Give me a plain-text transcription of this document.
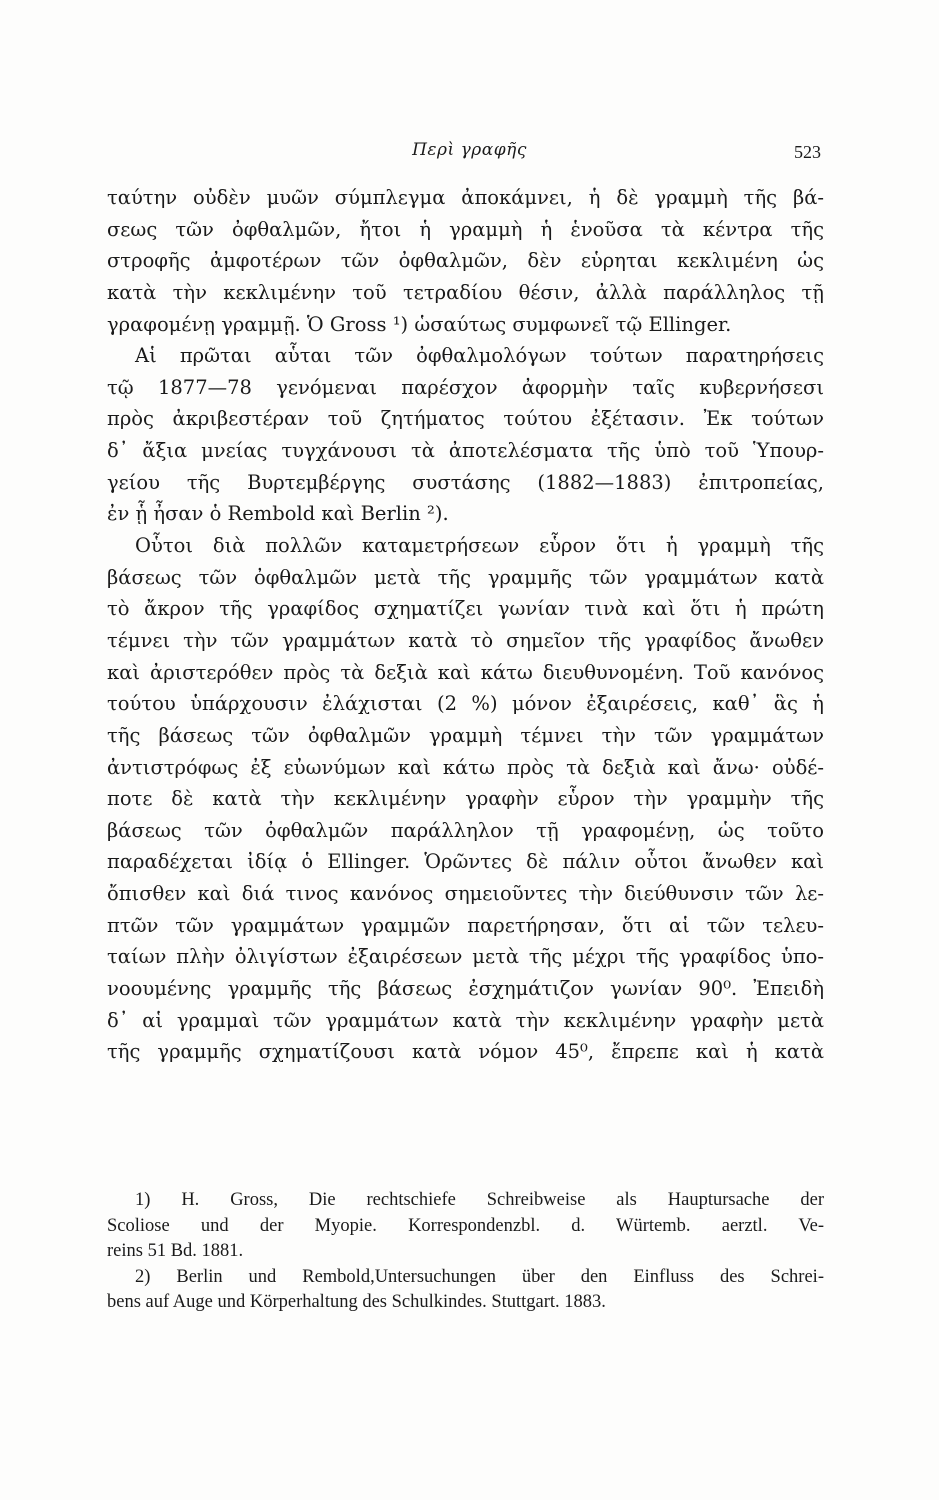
Περὶ γραφῆς	523
ταύτην οὐδὲν μυῶν σύμπλεγμα ἀποκάμνει, ἡ δὲ γραμμὴ τῆς βά-
σεως τῶν ὀφθαλμῶν, ἤτοι ἡ γραμμὴ ἡ ἑνοῦσα τὰ κέντρα τῆς
στροφῆς ἀμφοτέρων τῶν ὀφθαλμῶν, δὲν εὑρηται κεκλιμένη ὡς
κατὰ τὴν κεκλιμένην τοῦ τετραδίου θέσιν, ἀλλὰ παράλληλος τῇ
γραφομένῃ γραμμῇ. Ὁ Gross ¹) ὡσαύτως συμφωνεῖ τῷ Ellinger.
Αἱ πρῶται αὗται τῶν ὀφθαλμολόγων τούτων παρατηρήσεις
τῷ 1877—78 γενόμεναι παρέσχον ἀφορμὴν ταῖς κυβερνήσεσι
πρὸς ἀκριβεστέραν τοῦ ζητήματος τούτου ἐξέτασιν. Ἐκ τούτων
δ᾽ ἄξια μνείας τυγχάνουσι τὰ ἀποτελέσματα τῆς ὑπὸ τοῦ Ὑπουρ-
γείου τῆς Βυρτεμβέργης συστάσης (1882—1883) ἐπιτροπείας,
ἐν ᾗ ἦσαν ὁ Rembold καὶ Berlin ²).
Οὗτοι διὰ πολλῶν καταμετρήσεων εὗρον ὅτι ἡ γραμμὴ τῆς
βάσεως τῶν ὀφθαλμῶν μετὰ τῆς γραμμῆς τῶν γραμμάτων κατὰ
τὸ ἄκρον τῆς γραφίδος σχηματίζει γωνίαν τινὰ καὶ ὅτι ἡ πρώτη
τέμνει τὴν τῶν γραμμάτων κατὰ τὸ σημεῖον τῆς γραφίδος ἄνωθεν
καὶ ἀριστερόθεν πρὸς τὰ δεξιὰ καὶ κάτω διευθυνομένη. Τοῦ κανόνος
τούτου ὑπάρχουσιν ἐλάχισται (2 %) μόνον ἐξαιρέσεις, καθ᾽ ἃς ἡ
τῆς βάσεως τῶν ὀφθαλμῶν γραμμὴ τέμνει τὴν τῶν γραμμάτων
ἀντιστρόφως ἐξ εὐωνύμων καὶ κάτω πρὸς τὰ δεξιὰ καὶ ἄνω· οὐδέ-
ποτε δὲ κατὰ τὴν κεκλιμένην γραφὴν εὗρον τὴν γραμμὴν τῆς
βάσεως τῶν ὀφθαλμῶν παράλληλον τῇ γραφομένῃ, ὡς τοῦτο
παραδέχεται ἰδίᾳ ὁ Ellinger. Ὁρῶντες δὲ πάλιν οὗτοι ἄνωθεν καὶ
ὄπισθεν καὶ διά τινος κανόνος σημειοῦντες τὴν διεύθυνσιν τῶν λε-
πτῶν τῶν γραμμάτων γραμμῶν παρετήρησαν, ὅτι αἱ τῶν τελευ-
ταίων πλὴν ὀλιγίστων ἐξαιρέσεων μετὰ τῆς μέχρι τῆς γραφίδος ὑπο-
νοουμένης γραμμῆς τῆς βάσεως ἐσχημάτιζον γωνίαν 90⁰. Ἐπειδὴ
δ᾽ αἱ γραμμαὶ τῶν γραμμάτων κατὰ τὴν κεκλιμένην γραφὴν μετὰ
τῆς γραμμῆς σχηματίζουσι κατὰ νόμον 45⁰, ἔπρεπε καὶ ἡ κατὰ
1) H. Gross, Die rechtschiefe Schreibweise als Hauptursache der
Scoliose und der Myopie. Korrespondenzbl. d. Würtemb. aerztl. Ve-
reins 51 Bd. 1881.
2) Berlin und Rembold,Untersuchungen über den Einfluss des Schrei-
bens auf Auge und Körperhaltung des Schulkindes. Stuttgart. 1883.
